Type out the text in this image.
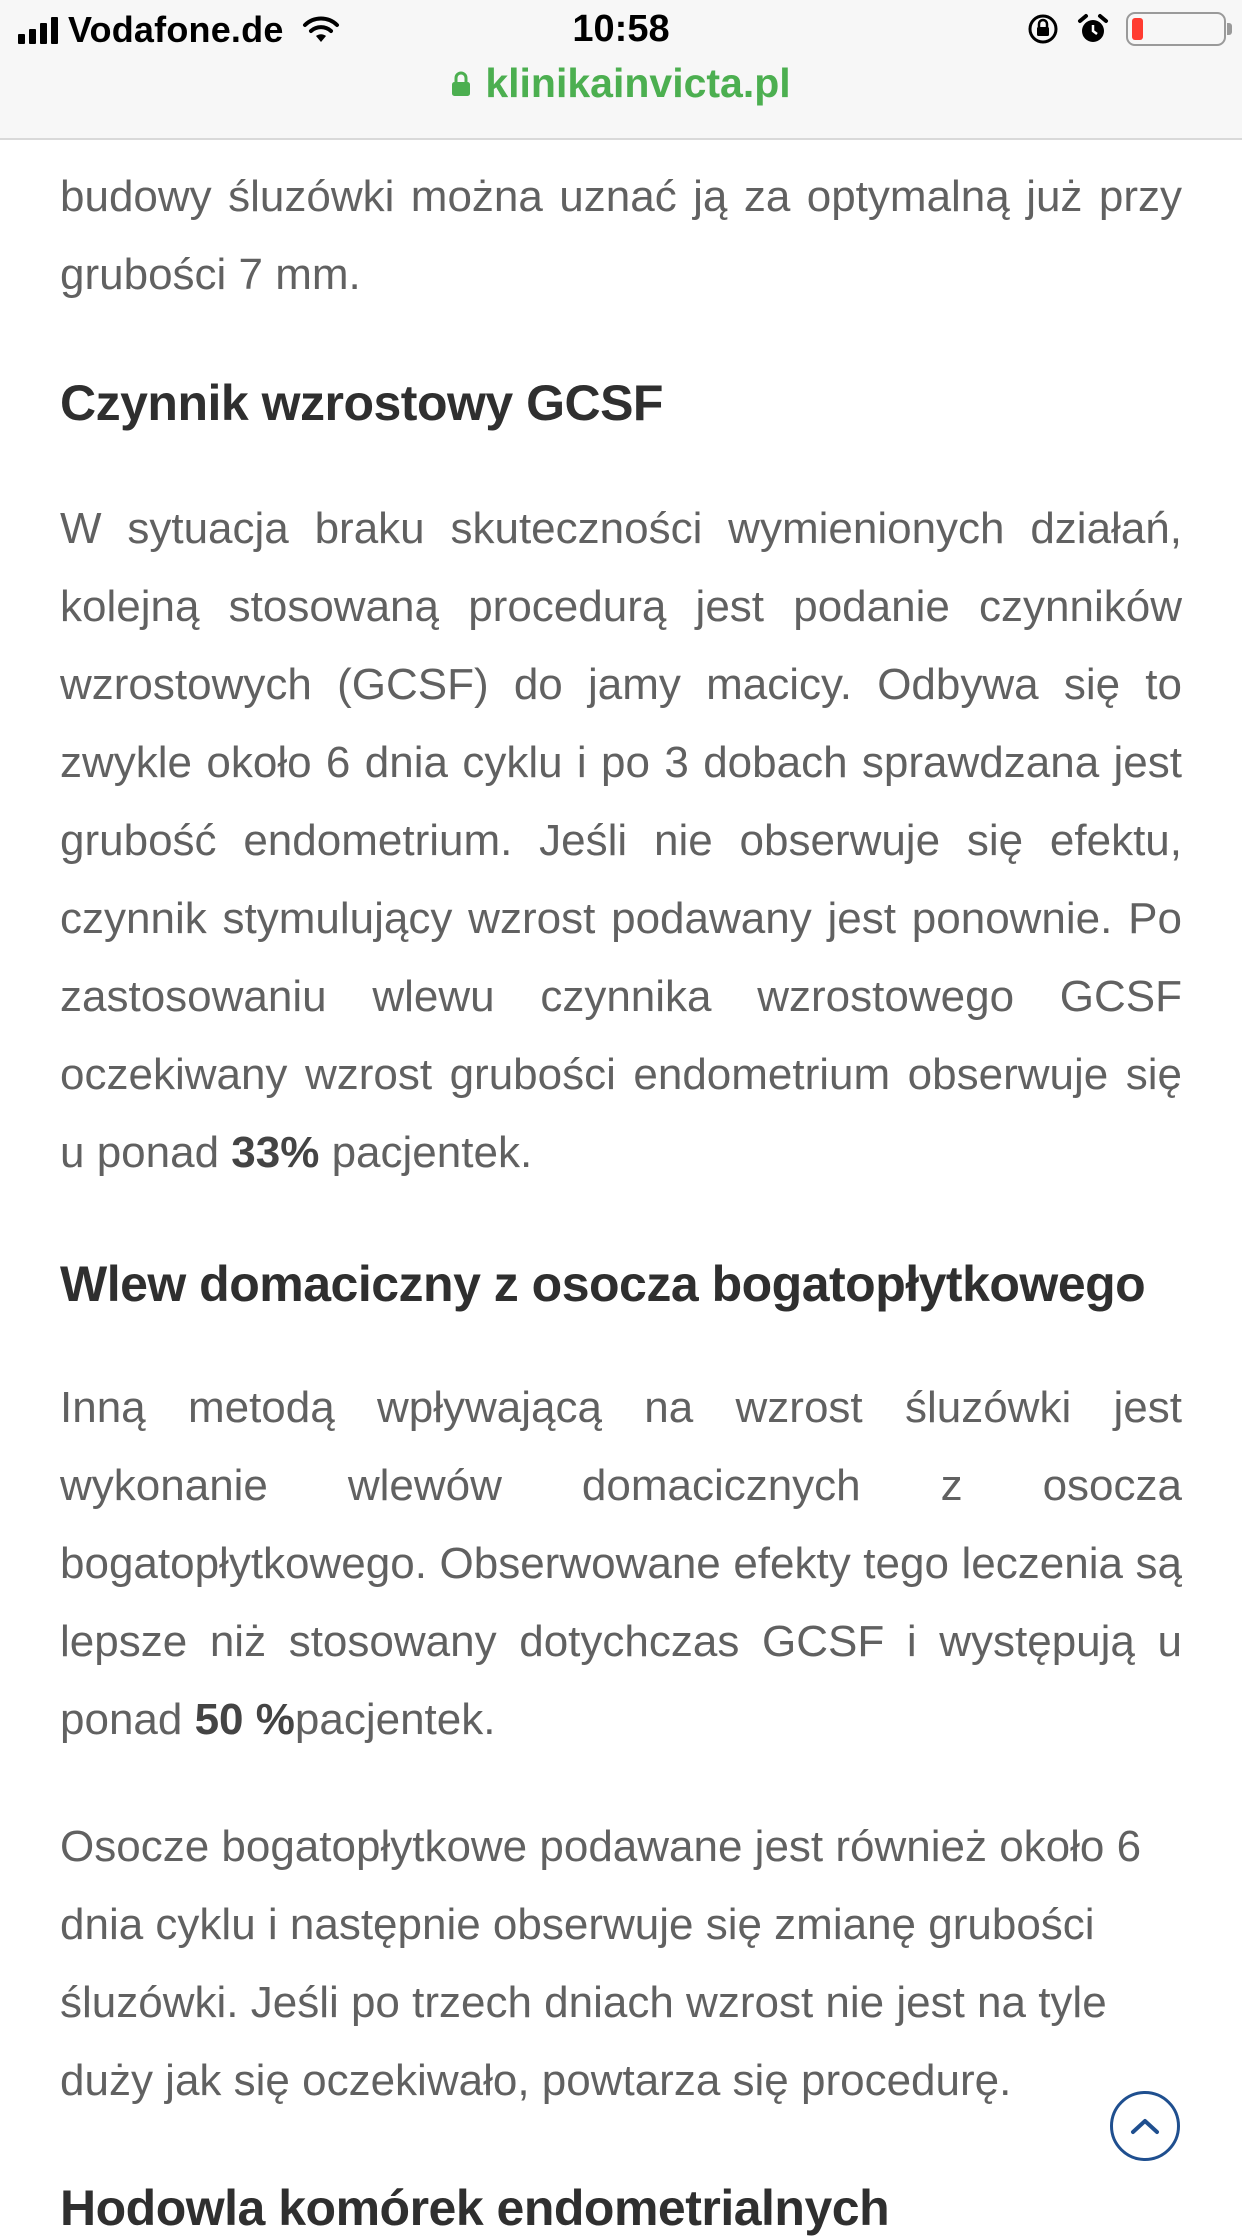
Vodafone.de	10:58
klinikainvicta.pl

budowy śluzówki można uznać ją za optymalną już przy grubości 7 mm.

Czynnik wzrostowy GCSF

W sytuacja braku skuteczności wymienionych działań, kolejną stosowaną procedurą jest podanie czynników wzrostowych (GCSF) do jamy macicy. Odbywa się to zwykle około 6 dnia cyklu i po 3 dobach sprawdzana jest grubość endometrium. Jeśli nie obserwuje się efektu, czynnik stymulujący wzrost podawany jest ponownie. Po zastosowaniu wlewu czynnika wzrostowego GCSF oczekiwany wzrost grubości endometrium obserwuje się u ponad 33% pacjentek.

Wlew domaciczny z osocza bogatopłytkowego

Inną metodą wpływającą na wzrost śluzówki jest wykonanie wlewów domacicznych z osocza bogatopłytkowego. Obserwowane efekty tego leczenia są lepsze niż stosowany dotychczas GCSF i występują u ponad 50 %pacjentek.

Osocze bogatopłytkowe podawane jest również około 6 dnia cyklu i następnie obserwuje się zmianę grubości śluzówki. Jeśli po trzech dniach wzrost nie jest na tyle duży jak się oczekiwało, powtarza się procedurę.

Hodowla komórek endometrialnych
